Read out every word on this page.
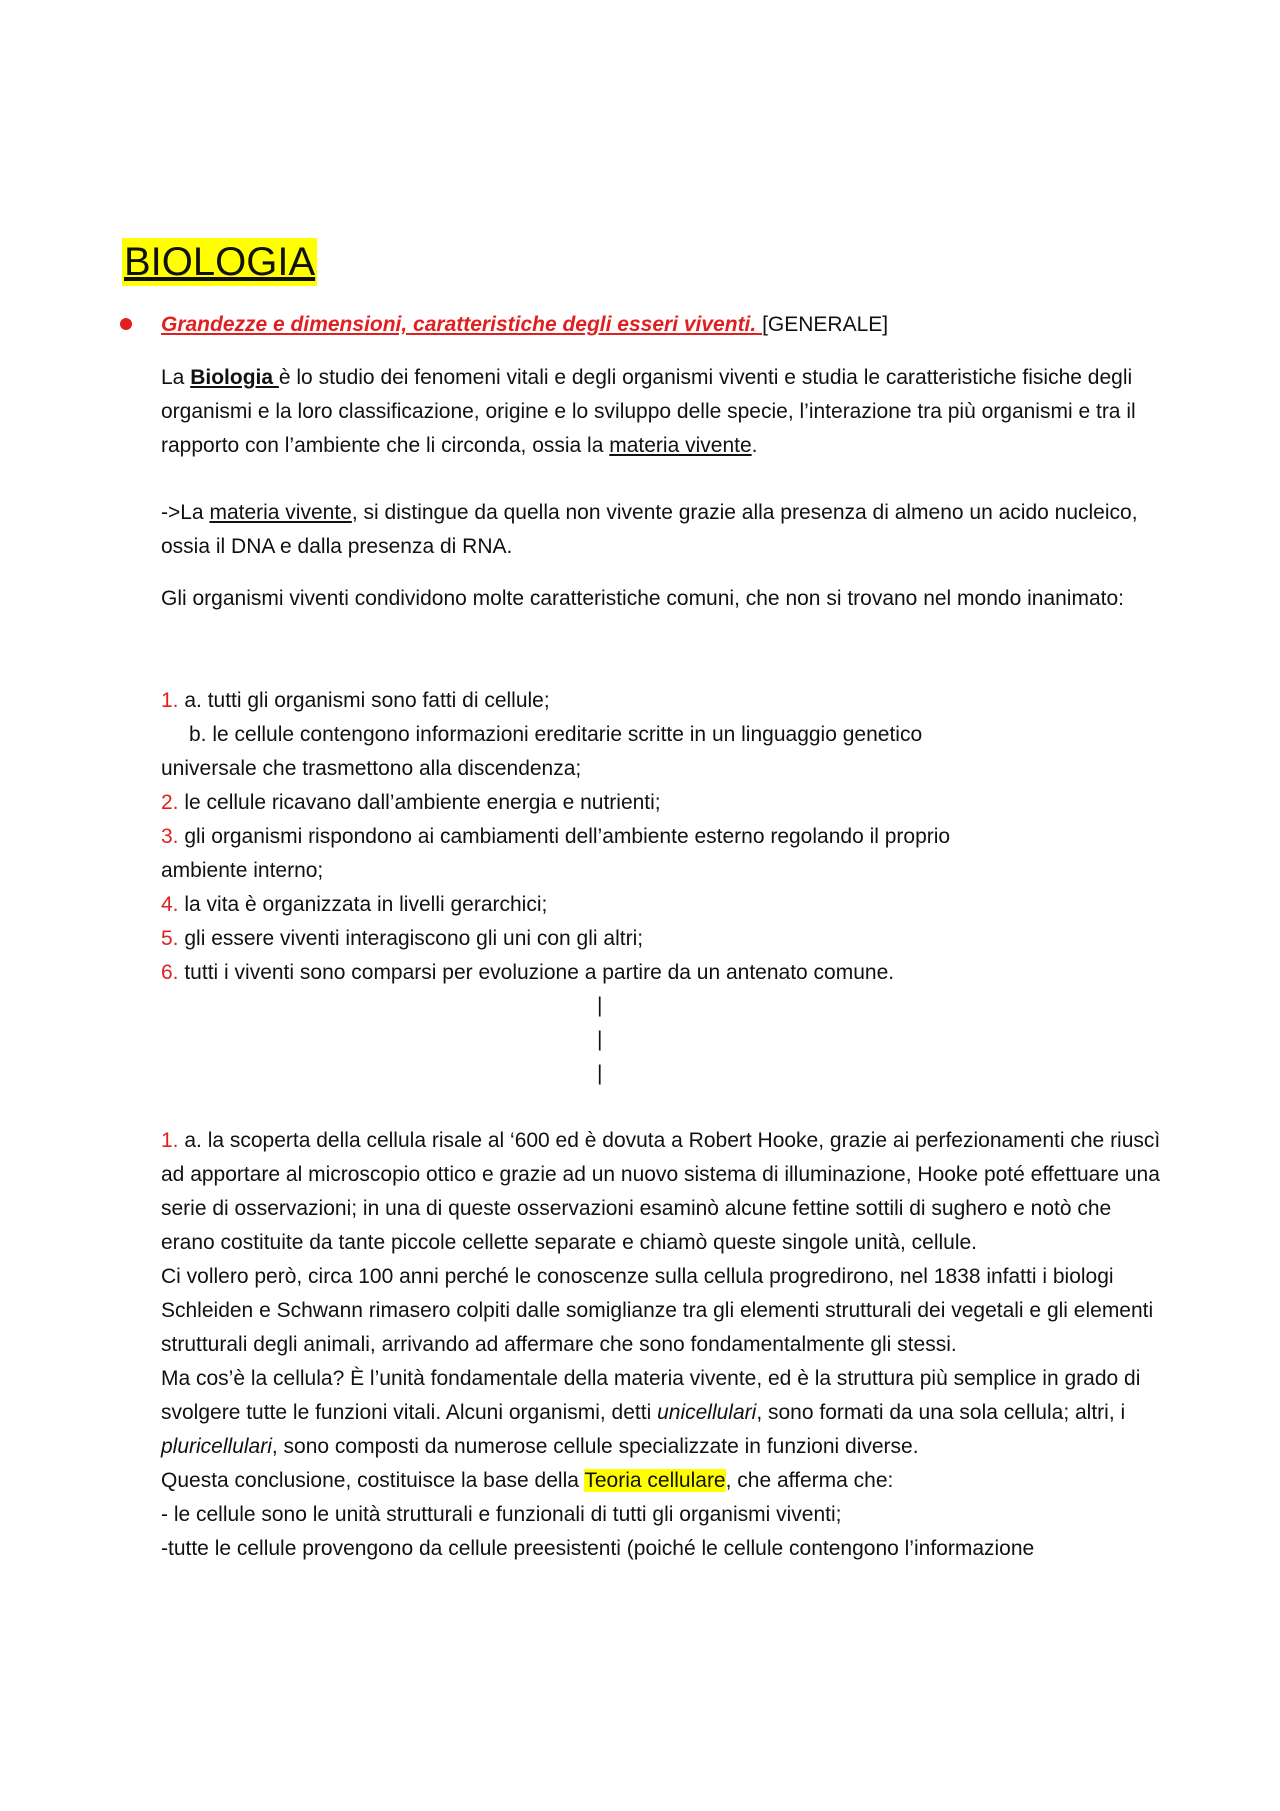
BIOLOGIA
Grandezze e dimensioni, caratteristiche degli esseri viventi. [GENERALE]

La Biologia è lo studio dei fenomeni vitali e degli organismi viventi e studia le caratteristiche fisiche degli organismi e la loro classificazione, origine e lo sviluppo delle specie, l’interazione tra più organismi e tra il rapporto con l’ambiente che li circonda, ossia la materia vivente.

->La materia vivente, si distingue da quella non vivente grazie alla presenza di almeno un acido nucleico, ossia il DNA e dalla presenza di RNA.

Gli organismi viventi condividono molte caratteristiche comuni, che non si trovano nel mondo inanimato:

1. a. tutti gli organismi sono fatti di cellule;
b. le cellule contengono informazioni ereditarie scritte in un linguaggio genetico
universale che trasmettono alla discendenza;
2. le cellule ricavano dall’ambiente energia e nutrienti;
3. gli organismi rispondono ai cambiamenti dell’ambiente esterno regolando il proprio
ambiente interno;
4. la vita è organizzata in livelli gerarchici;
5. gli essere viventi interagiscono gli uni con gli altri;
6. tutti i viventi sono comparsi per evoluzione a partire da un antenato comune.
|
|
|
1. a. la scoperta della cellula risale al ‘600 ed è dovuta a Robert Hooke, grazie ai perfezionamenti che riuscì ad apportare al microscopio ottico e grazie ad un nuovo sistema di illuminazione, Hooke poté effettuare una serie di osservazioni; in una di queste osservazioni esaminò alcune fettine sottili di sughero e notò che erano costituite da tante piccole cellette separate e chiamò queste singole unità, cellule.
Ci vollero però, circa 100 anni perché le conoscenze sulla cellula progredirono, nel 1838 infatti i biologi Schleiden e Schwann rimasero colpiti dalle somiglianze tra gli elementi strutturali dei vegetali e gli elementi strutturali degli animali, arrivando ad affermare che sono fondamentalmente gli stessi.
Ma cos’è la cellula? È l’unità fondamentale della materia vivente, ed è la struttura più semplice in grado di svolgere tutte le funzioni vitali. Alcuni organismi, detti unicellulari, sono formati da una sola cellula; altri, i pluricellulari, sono composti da numerose cellule specializzate in funzioni diverse.
Questa conclusione, costituisce la base della Teoria cellulare, che afferma che:
- le cellule sono le unità strutturali e funzionali di tutti gli organismi viventi;
-tutte le cellule provengono da cellule preesistenti (poiché le cellule contengono l’informazione
